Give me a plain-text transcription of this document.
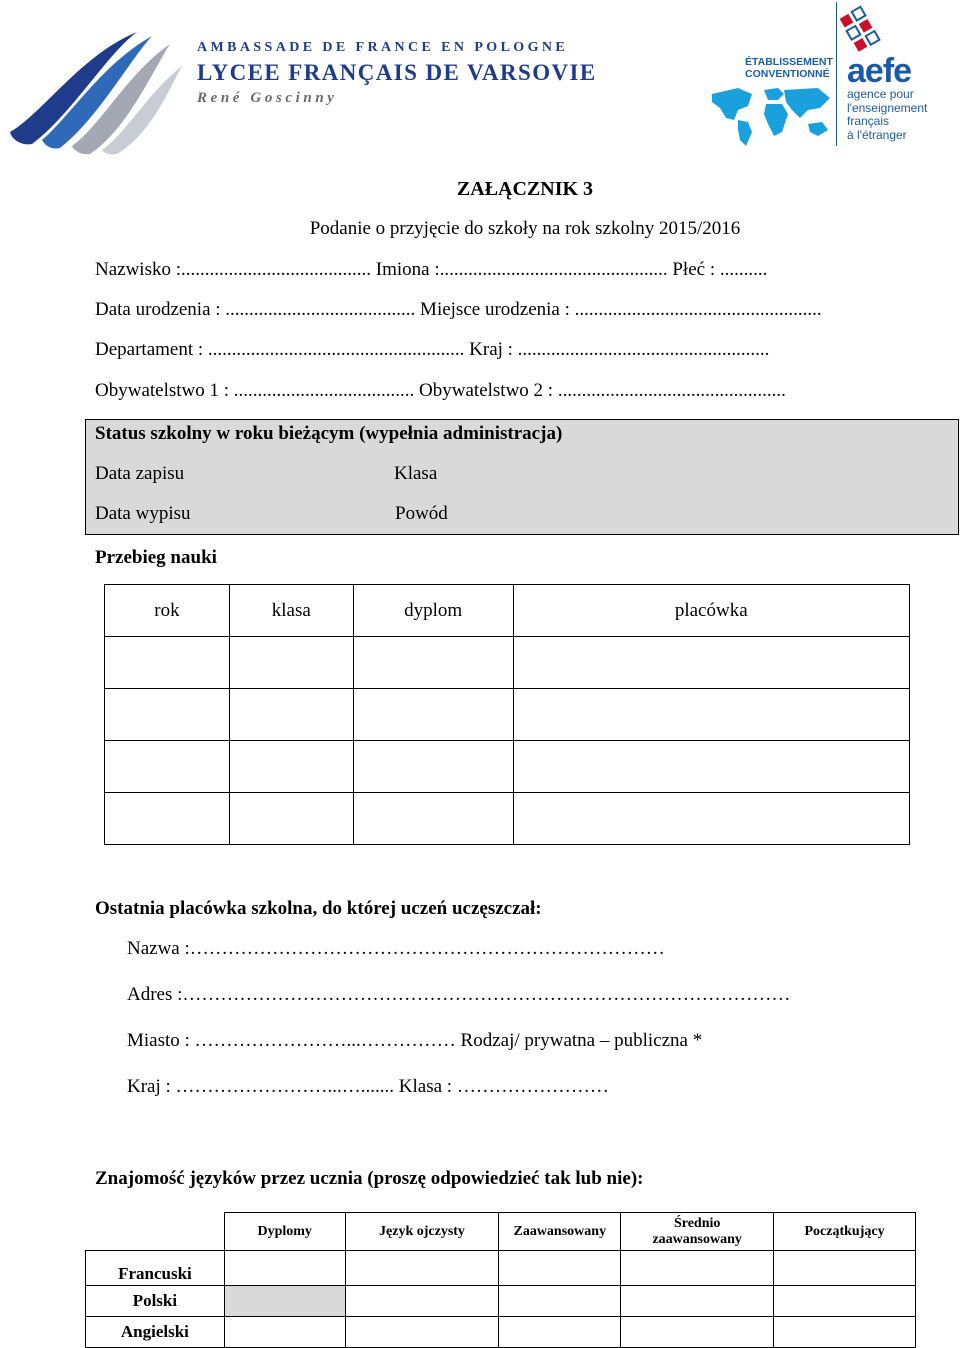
AMBASSADE DE FRANCE EN POLOGNE
LYCEE FRANÇAIS DE VARSOVIE
René Goscinny
ÉTABLISSEMENT CONVENTIONNÉ aefe
agence pour
l'enseignement
français
à l'étranger
ZAŁĄCZNIK 3
Podanie o przyjęcie do szkoły na rok szkolny 2015/2016
Nazwisko :........................................ Imiona :................................................ Płeć : ..........
Data urodzenia : ........................................ Miejsce urodzenia : ....................................................
Departament : ...................................................... Kraj : .....................................................
Obywatelstwo 1 : ...................................... Obywatelstwo 2 : ................................................
Status szkolny w roku bieżącym (wypełnia administracja)
Data zapisu	Klasa
Data wypisu	Powód
Przebieg nauki
rok	klasa	dyplom	placówka

Ostatnia placówka szkolna, do której uczeń uczęszczał:
Nazwa :…………………………………………………………………
Adres :……………………………………………………………………………………
Miasto : ……………………...…………… Rodzaj/ prywatna – publiczna *
Kraj : ……………………...…....... Klasa : ……………………
Znajomość języków przez ucznia (proszę odpowiedzieć tak lub nie):
	Dyplomy	Język ojczysty	Zaawansowany	Średnio zaawansowany	Początkujący
Francuski					
Polski					
Angielski					
